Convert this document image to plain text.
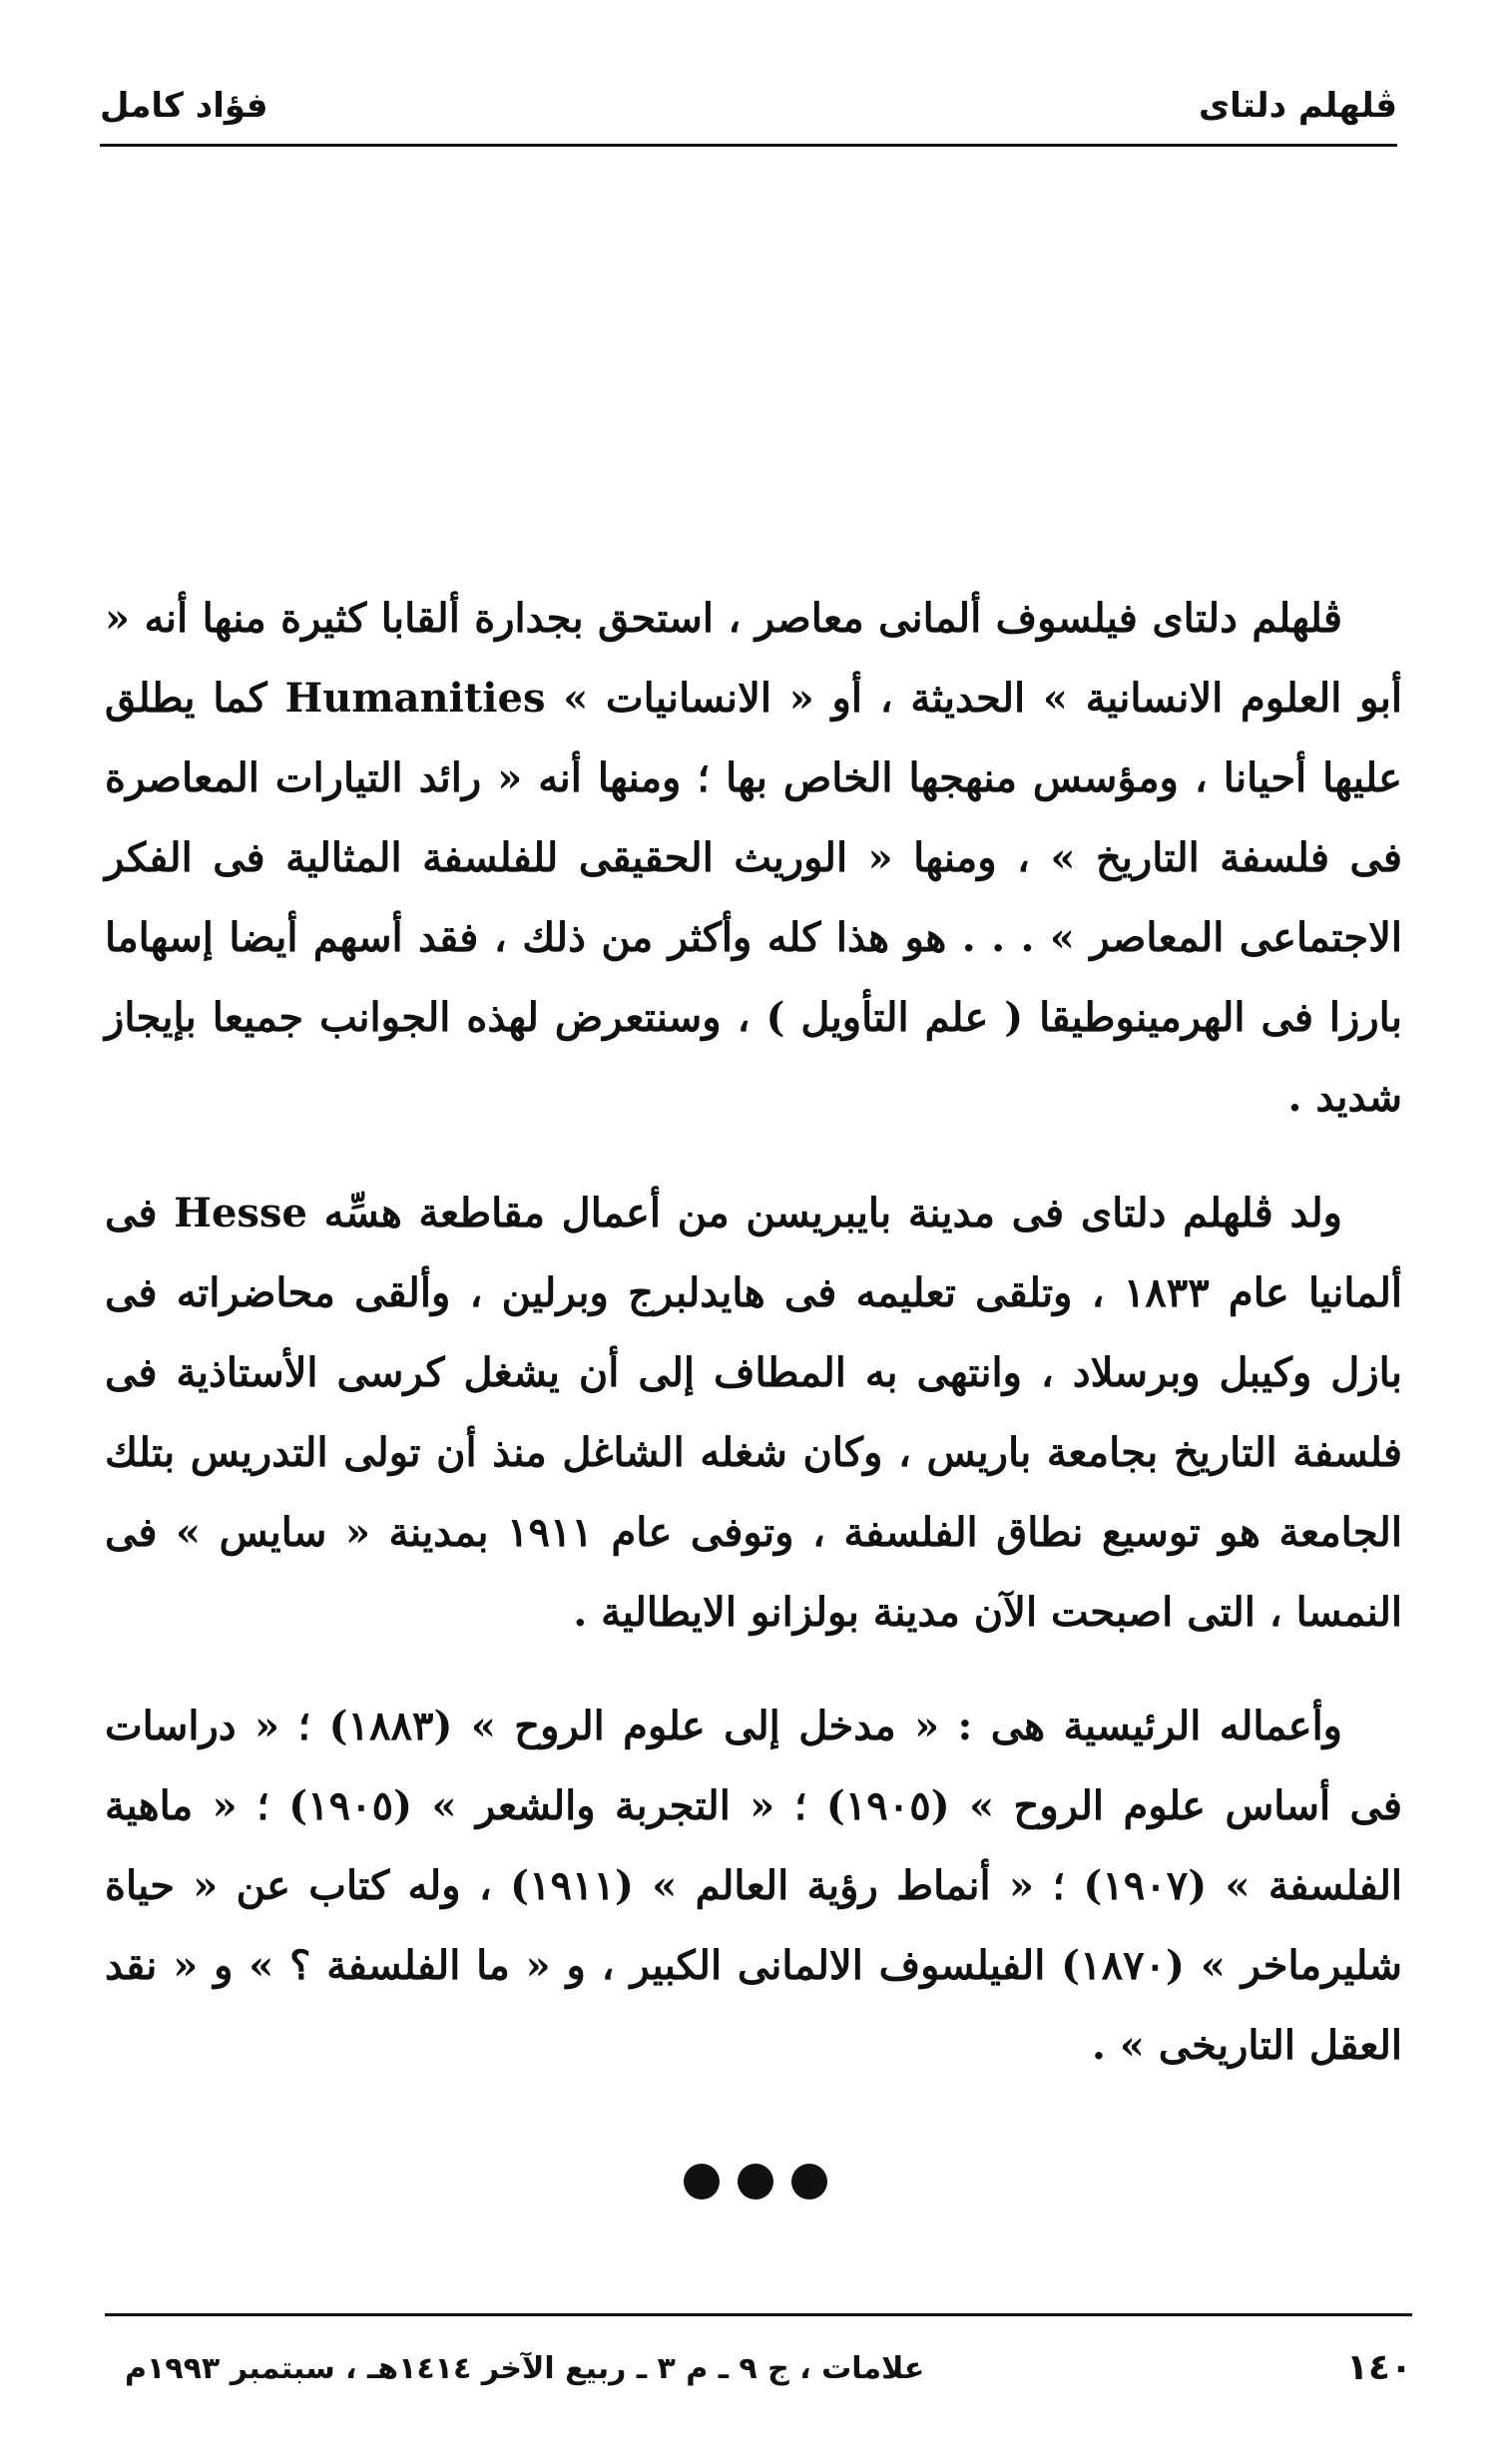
فؤاد كامل	ڤلهلم دلتاى

ڤلهلم دلتاى فيلسوف ألمانى معاصر ، استحق بجدارة ألقابا كثيرة منها أنه « أبو العلوم الانسانية » الحديثة ، أو « الانسانيات » Humanities كما يطلق عليها أحيانا ، ومؤسس منهجها الخاص بها ؛ ومنها أنه « رائد التيارات المعاصرة فى فلسفة التاريخ » ، ومنها « الوريث الحقيقى للفلسفة المثالية فى الفكر الاجتماعى المعاصر » . . . هو هذا كله وأكثر من ذلك ، فقد أسهم أيضا إسهاما بارزا فى الهرمينوطيقا ( علم التأويل ) ، وسنتعرض لهذه الجوانب جميعا بإيجاز شديد .

ولد ڤلهلم دلتاى فى مدينة بايبريسن من أعمال مقاطعة هسِّه Hesse فى ألمانيا عام ١٨٣٣ ، وتلقى تعليمه فى هايدلبرج وبرلين ، وألقى محاضراته فى بازل وكيبل وبرسلاد ، وانتهى به المطاف إلى أن يشغل كرسى الأستاذية فى فلسفة التاريخ بجامعة باريس ، وكان شغله الشاغل منذ أن تولى التدريس بتلك الجامعة هو توسيع نطاق الفلسفة ، وتوفى عام ١٩١١ بمدينة « سايس » فى النمسا ، التى اصبحت الآن مدينة بولزانو الايطالية .

وأعماله الرئيسية هى : « مدخل إلى علوم الروح » (١٨٨٣) ؛ « دراسات فى أساس علوم الروح » (١٩٠٥) ؛ « التجربة والشعر » (١٩٠٥) ؛ « ماهية الفلسفة » (١٩٠٧) ؛ « أنماط رؤية العالم » (١٩١١) ، وله كتاب عن « حياة شليرماخر » (١٨٧٠) الفيلسوف الالمانى الكبير ، و « ما الفلسفة ؟ » و « نقد العقل التاريخى » .

علامات ، ج ٩ ـ م ٣ ـ ربيع الآخر ١٤١٤هـ ، سبتمبر ١٩٩٣م	١٤٠
